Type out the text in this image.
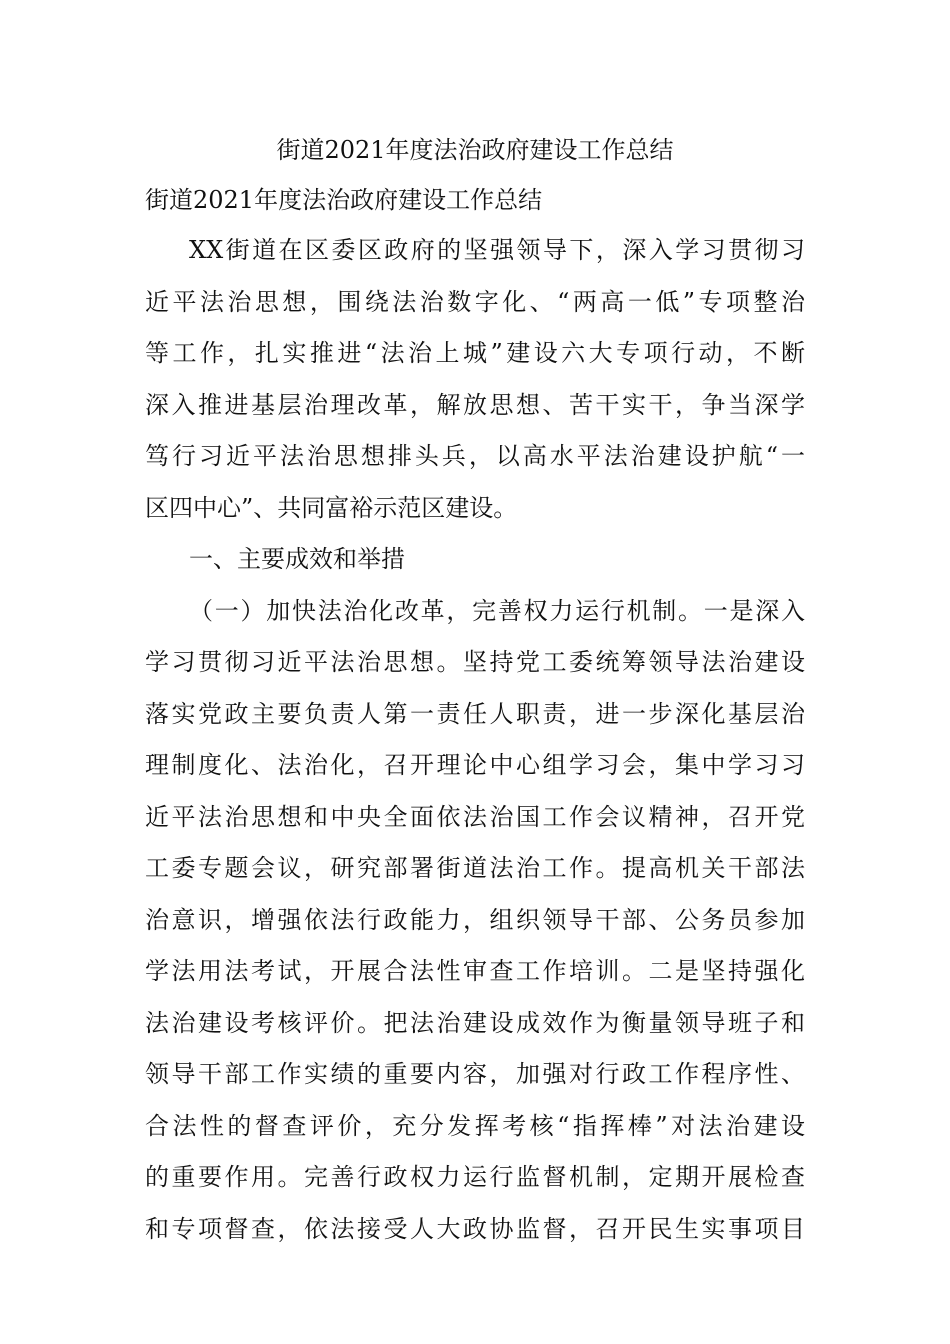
街道2021年度法治政府建设工作总结
街道2021年度法治政府建设工作总结
XX街道在区委区政府的坚强领导下，深入学习贯彻习
近平法治思想，围绕法治数字化、“两高一低”专项整治
等工作，扎实推进“法治上城”建设六大专项行动，不断
深入推进基层治理改革，解放思想、苦干实干，争当深学
笃行习近平法治思想排头兵，以高水平法治建设护航“一
区四中心”、共同富裕示范区建设。
一、主要成效和举措
（一）加快法治化改革，完善权力运行机制。一是深入
学习贯彻习近平法治思想。坚持党工委统筹领导法治建设
落实党政主要负责人第一责任人职责，进一步深化基层治
理制度化、法治化，召开理论中心组学习会，集中学习习
近平法治思想和中央全面依法治国工作会议精神，召开党
工委专题会议，研究部署街道法治工作。提高机关干部法
治意识，增强依法行政能力，组织领导干部、公务员参加
学法用法考试，开展合法性审查工作培训。二是坚持强化
法治建设考核评价。把法治建设成效作为衡量领导班子和
领导干部工作实绩的重要内容，加强对行政工作程序性、
合法性的督查评价，充分发挥考核“指挥棒”对法治建设
的重要作用。完善行政权力运行监督机制，定期开展检查
和专项督查，依法接受人大政协监督，召开民生实事项目
